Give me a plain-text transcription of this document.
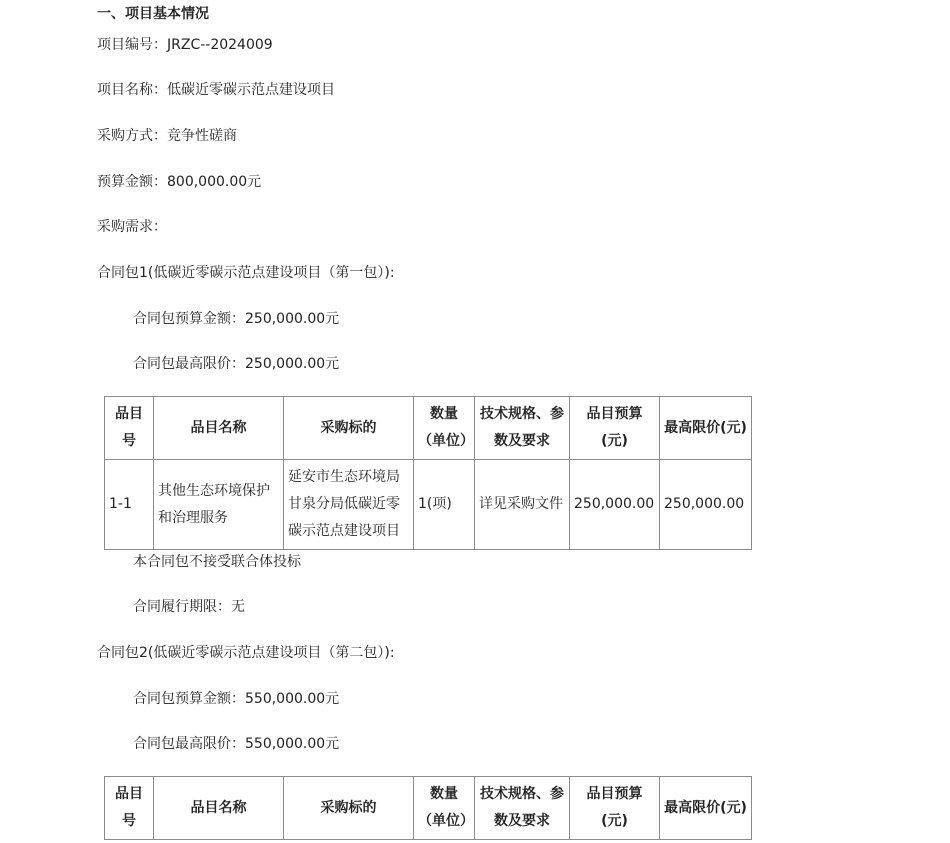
一、项目基本情况
项目编号：JRZC--2024009
项目名称：低碳近零碳示范点建设项目
采购方式：竞争性磋商
预算金额：800,000.00元
采购需求：
合同包1(低碳近零碳示范点建设项目（第一包）):
合同包预算金额：250,000.00元
合同包最高限价：250,000.00元
品目号	品目名称	采购标的	数量（单位）	技术规格、参数及要求	品目预算(元)	最高限价(元)
1-1	其他生态环境保护和治理服务	延安市生态环境局甘泉分局低碳近零碳示范点建设项目	1(项)	详见采购文件	250,000.00	250,000.00
本合同包不接受联合体投标
合同履行期限：无
合同包2(低碳近零碳示范点建设项目（第二包）):
合同包预算金额：550,000.00元
合同包最高限价：550,000.00元
品目号	品目名称	采购标的	数量（单位）	技术规格、参数及要求	品目预算(元)	最高限价(元)
